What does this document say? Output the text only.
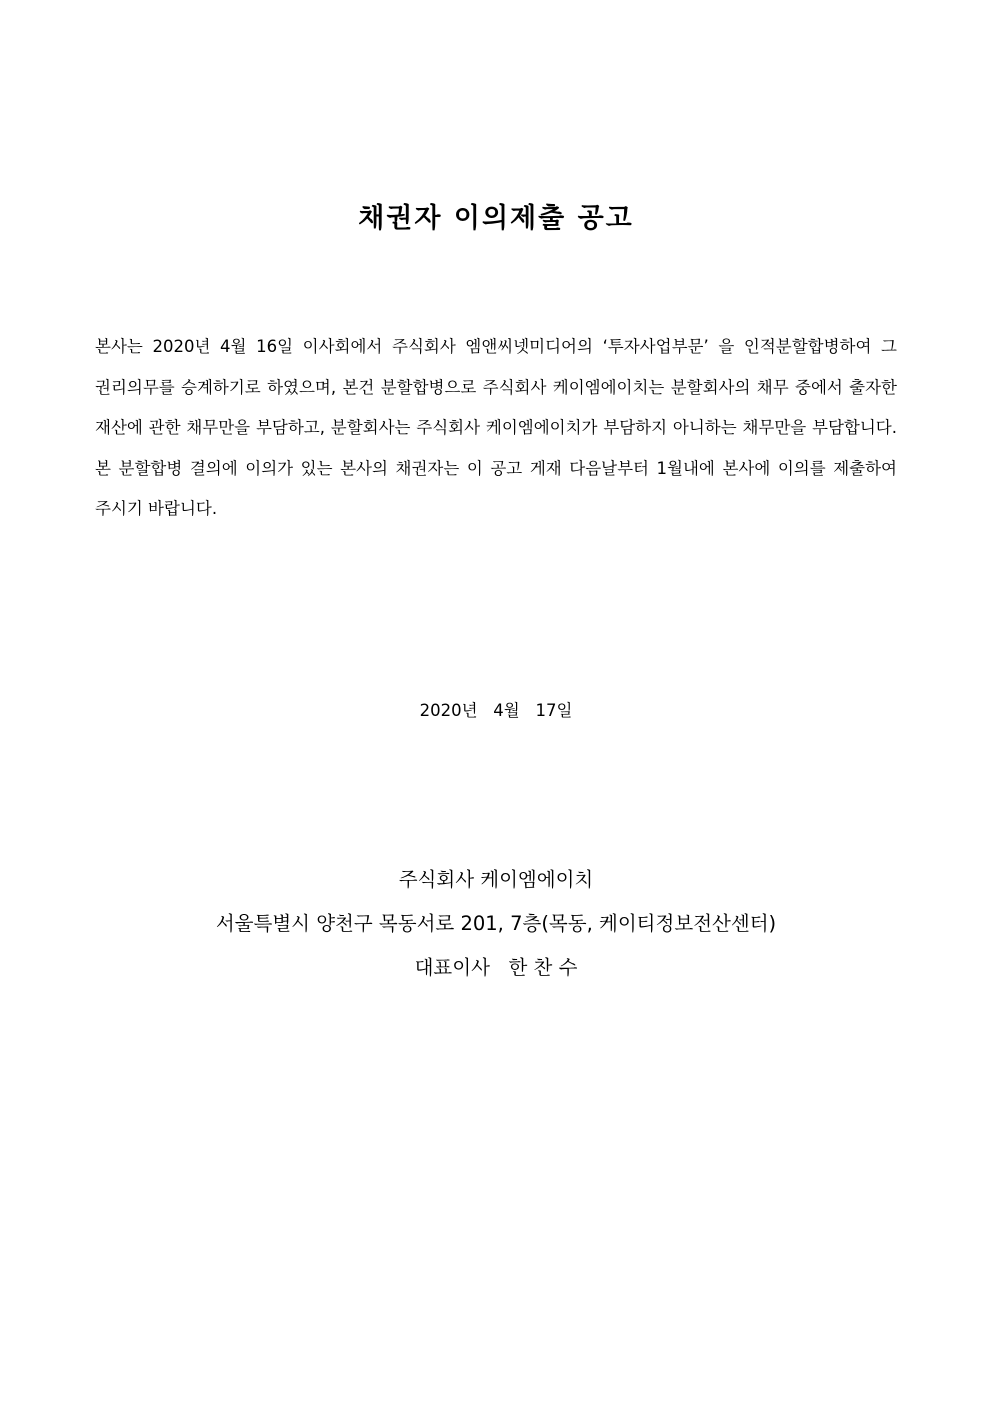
채권자 이의제출 공고

본사는 2020년 4월 16일 이사회에서 주식회사 엠앤씨넷미디어의 ‘투자사업부문’ 을 인적분할합병하여 그 권리의무를 승계하기로 하였으며, 본건 분할합병으로 주식회사 케이엠에이치는 분할회사의 채무 중에서 출자한 재산에 관한 채무만을 부담하고, 분할회사는 주식회사 케이엠에이치가 부담하지 아니하는 채무만을 부담합니다. 본 분할합병 결의에 이의가 있는 본사의 채권자는 이 공고 게재 다음날부터 1월내에 본사에 이의를 제출하여 주시기 바랍니다.

2020년   4월   17일

주식회사 케이엠에이치
서울특별시 양천구 목동서로 201, 7층(목동, 케이티정보전산센터)
대표이사   한 찬 수
